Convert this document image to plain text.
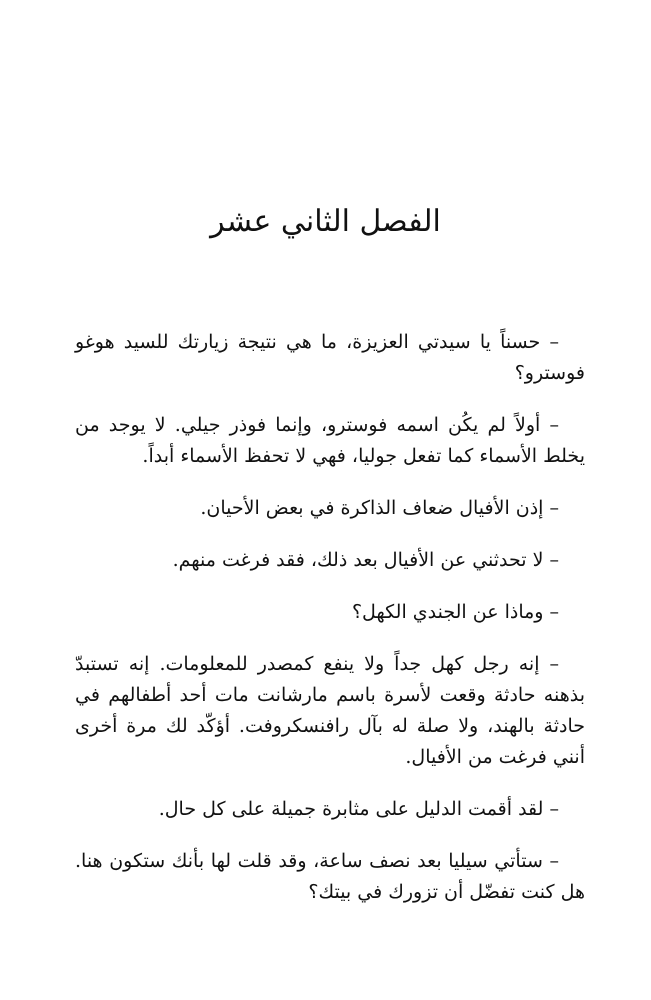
الفصل الثاني عشر

– حسناً يا سيدتي العزيزة، ما هي نتيجة زيارتك للسيد هوغو فوسترو؟

– أولاً لم يكُن اسمه فوسترو، وإنما فوذر جيلي. لا يوجد من يخلط الأسماء كما تفعل جوليا، فهي لا تحفظ الأسماء أبداً.

– إذن الأفيال ضعاف الذاكرة في بعض الأحيان.

– لا تحدثني عن الأفيال بعد ذلك، فقد فرغت منهم.

– وماذا عن الجندي الكهل؟

– إنه رجل كهل جداً ولا ينفع كمصدر للمعلومات. إنه تستبدّ بذهنه حادثة وقعت لأسرة باسم مارشانت مات أحد أطفالهم في حادثة بالهند، ولا صلة له بآل رافنسكروفت. أؤكّد لك مرة أخرى أنني فرغت من الأفيال.

– لقد أقمت الدليل على مثابرة جميلة على كل حال.

– ستأتي سيليا بعد نصف ساعة، وقد قلت لها بأنك ستكون هنا. هل كنت تفضّل أن تزورك في بيتك؟
